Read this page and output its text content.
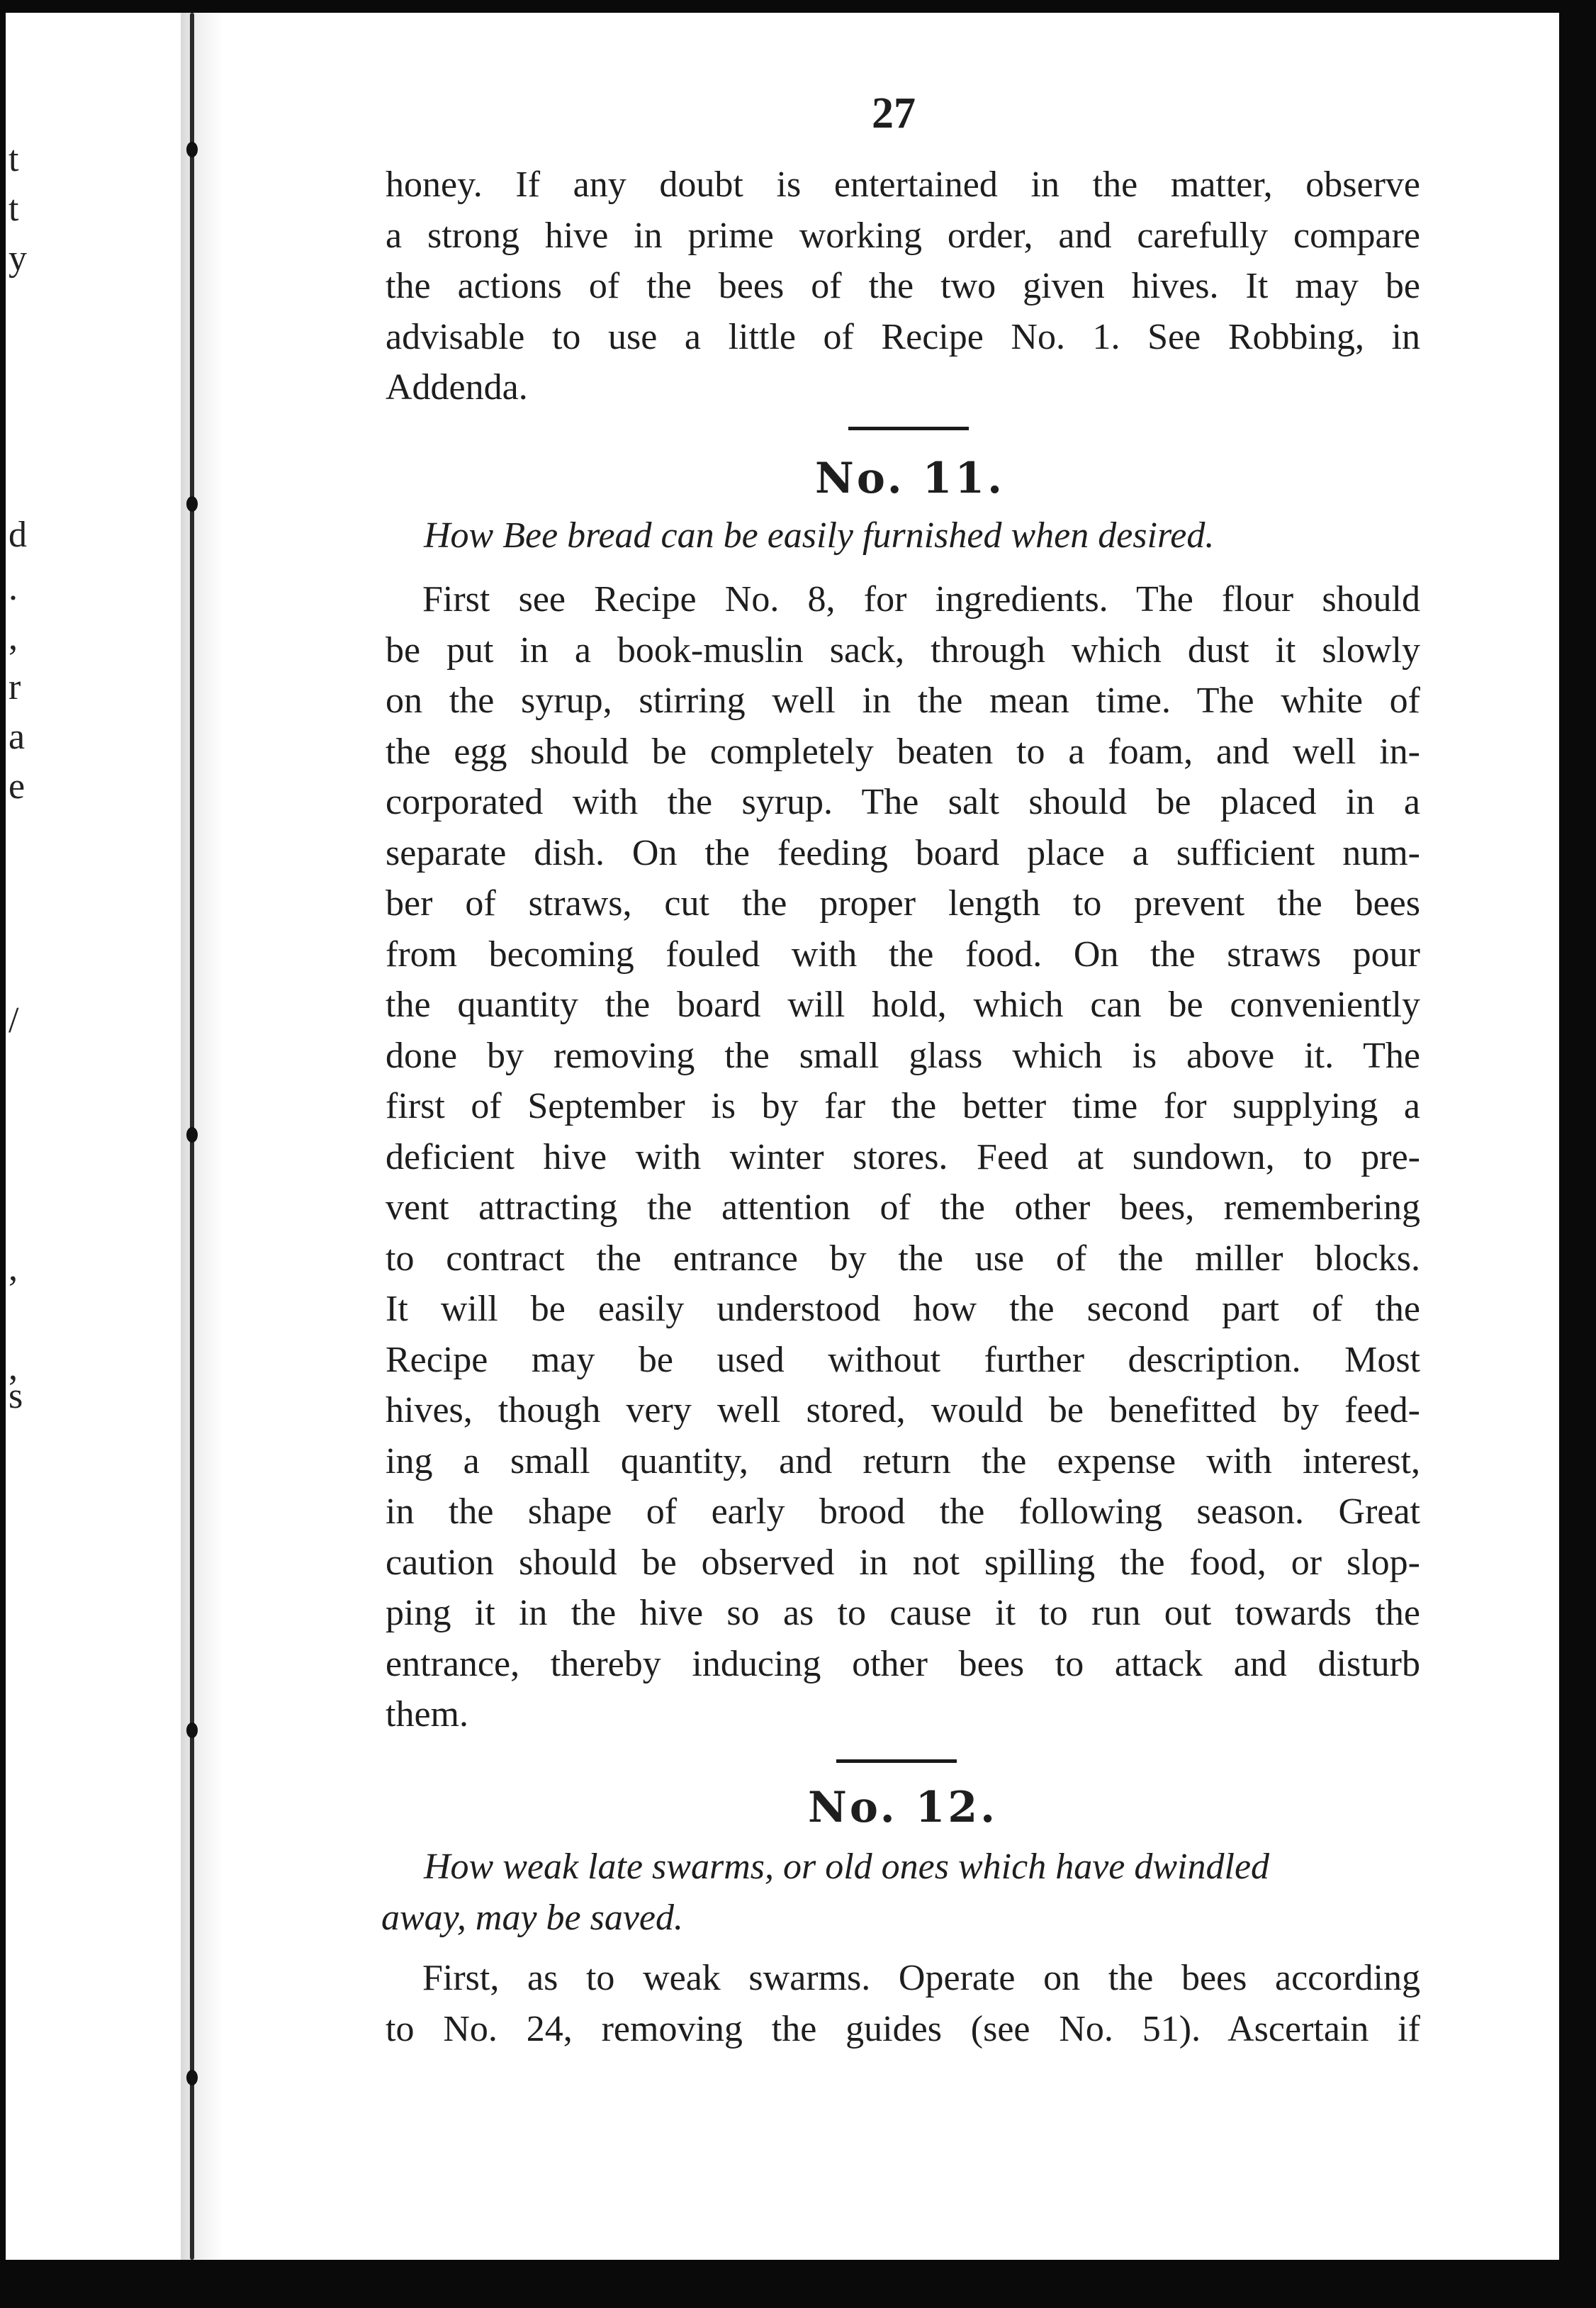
t
t
y
d
.
,
r
a
e
/
,
,
s
27
honey. If any doubt is entertained in the matter, observe
a strong hive in prime working order, and carefully compare
the actions of the bees of the two given hives. It may be
advisable to use a little of Recipe No. 1. See Robbing, in
Addenda.
No. 11.
How Bee bread can be easily furnished when desired.
First see Recipe No. 8, for ingredients. The flour should
be put in a book-muslin sack, through which dust it slowly
on the syrup, stirring well in the mean time. The white of
the egg should be completely beaten to a foam, and well in-
corporated with the syrup. The salt should be placed in a
separate dish. On the feeding board place a sufficient num-
ber of straws, cut the proper length to prevent the bees
from becoming fouled with the food. On the straws pour
the quantity the board will hold, which can be conveniently
done by removing the small glass which is above it. The
first of September is by far the better time for supplying a
deficient hive with winter stores. Feed at sundown, to pre-
vent attracting the attention of the other bees, remembering
to contract the entrance by the use of the miller blocks.
It will be easily understood how the second part of the
Recipe may be used without further description. Most
hives, though very well stored, would be benefitted by feed-
ing a small quantity, and return the expense with interest,
in the shape of early brood the following season. Great
caution should be observed in not spilling the food, or slop-
ping it in the hive so as to cause it to run out towards the
entrance, thereby inducing other bees to attack and disturb
them.
No. 12.
How weak late swarms, or old ones which have dwindled
away, may be saved.
First, as to weak swarms. Operate on the bees according
to No. 24, removing the guides (see No. 51). Ascertain if
